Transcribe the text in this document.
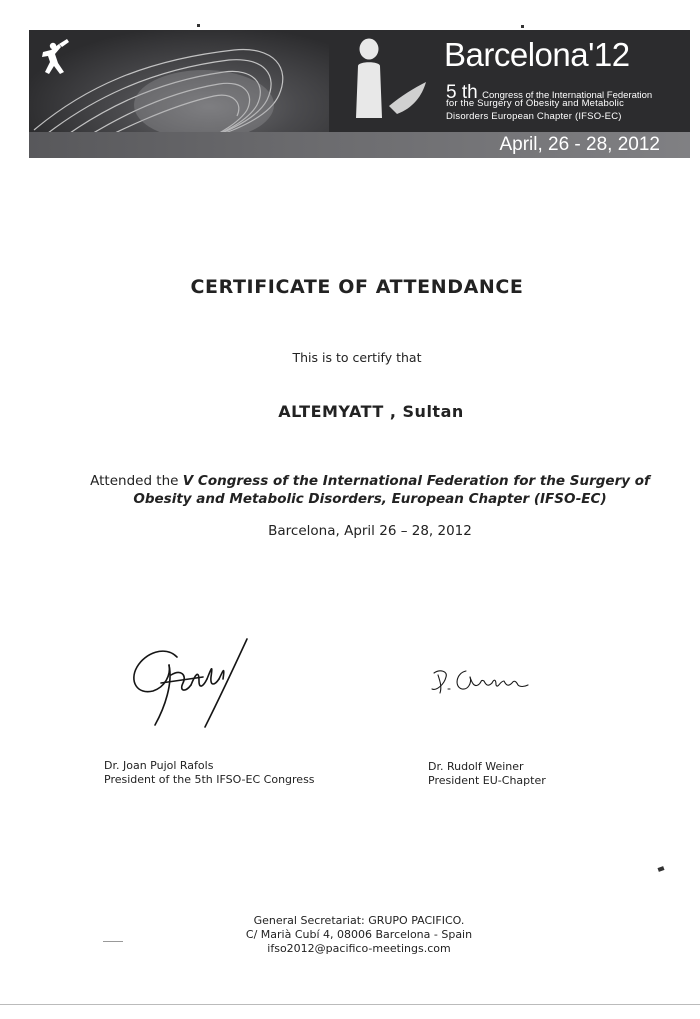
Barcelona'12
5 th Congress of the International Federation
for the Surgery of Obesity and Metabolic
Disorders European Chapter (IFSO-EC)
April, 26 - 28, 2012
CERTIFICATE OF ATTENDANCE
This is to certify that
ALTEMYATT , Sultan
Attended the V Congress of the International Federation for the Surgery of Obesity and Metabolic Disorders, European Chapter (IFSO-EC)
Barcelona, April 26 – 28, 2012
Dr. Joan Pujol Rafols
President of the 5th IFSO-EC Congress
Dr. Rudolf Weiner
President EU-Chapter
General Secretariat: GRUPO PACIFICO.
C/ Marià Cubí 4, 08006 Barcelona - Spain
ifso2012@pacifico-meetings.com
